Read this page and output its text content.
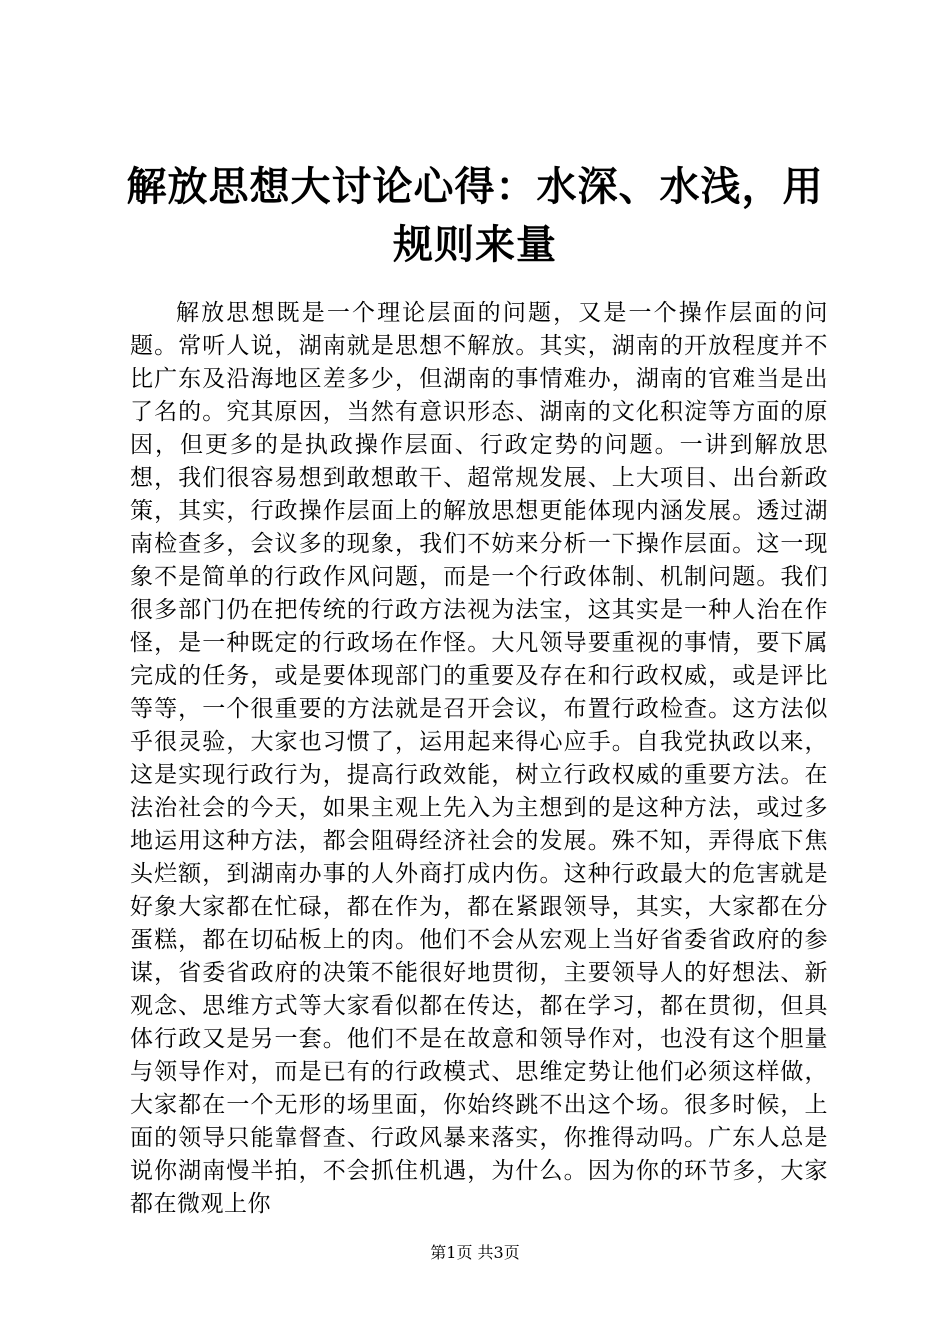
解放思想大讨论心得：水深、水浅，用规则来量

解放思想既是一个理论层面的问题，又是一个操作层面的问题。常听人说，湖南就是思想不解放。其实，湖南的开放程度并不比广东及沿海地区差多少，但湖南的事情难办，湖南的官难当是出了名的。究其原因，当然有意识形态、湖南的文化积淀等方面的原因，但更多的是执政操作层面、行政定势的问题。一讲到解放思想，我们很容易想到敢想敢干、超常规发展、上大项目、出台新政策，其实，行政操作层面上的解放思想更能体现内涵发展。透过湖南检查多，会议多的现象，我们不妨来分析一下操作层面。这一现象不是简单的行政作风问题，而是一个行政体制、机制问题。我们很多部门仍在把传统的行政方法视为法宝，这其实是一种人治在作怪，是一种既定的行政场在作怪。大凡领导要重视的事情，要下属完成的任务，或是要体现部门的重要及存在和行政权威，或是评比等等，一个很重要的方法就是召开会议，布置行政检查。这方法似乎很灵验，大家也习惯了，运用起来得心应手。自我党执政以来，这是实现行政行为，提高行政效能，树立行政权威的重要方法。在法治社会的今天，如果主观上先入为主想到的是这种方法，或过多地运用这种方法，都会阻碍经济社会的发展。殊不知，弄得底下焦头烂额，到湖南办事的人外商打成内伤。这种行政最大的危害就是好象大家都在忙碌，都在作为，都在紧跟领导，其实，大家都在分蛋糕，都在切砧板上的肉。他们不会从宏观上当好省委省政府的参谋，省委省政府的决策不能很好地贯彻，主要领导人的好想法、新观念、思维方式等大家看似都在传达，都在学习，都在贯彻，但具体行政又是另一套。他们不是在故意和领导作对，也没有这个胆量与领导作对，而是已有的行政模式、思维定势让他们必须这样做，大家都在一个无形的场里面，你始终跳不出这个场。很多时候，上面的领导只能靠督查、行政风暴来落实，你推得动吗。广东人总是说你湖南慢半拍，不会抓住机遇，为什么。因为你的环节多，大家都在微观上你

第1页 共3页
